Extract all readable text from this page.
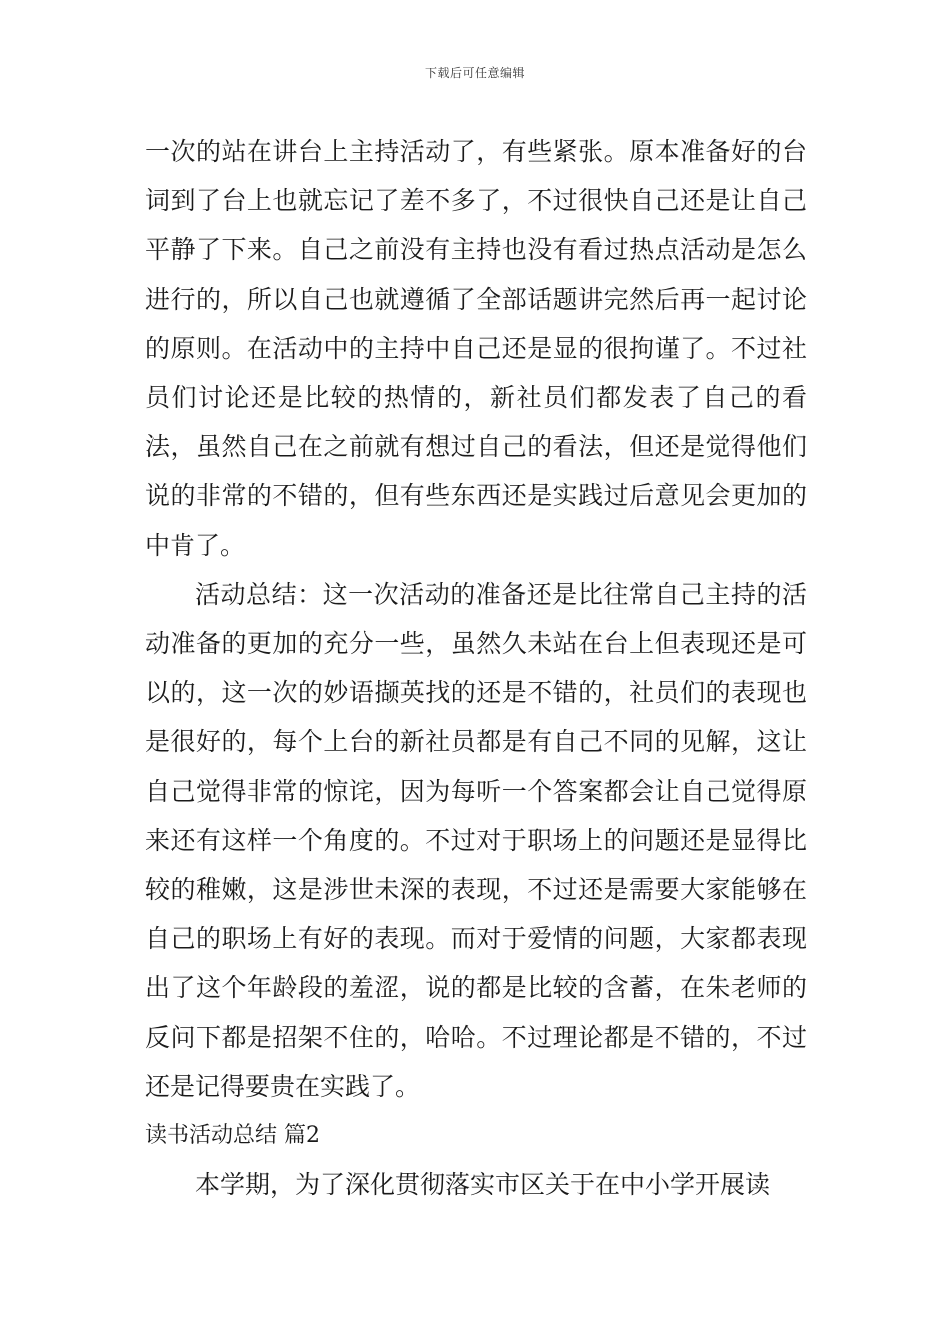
下载后可任意编辑

一次的站在讲台上主持活动了，有些紧张。原本准备好的台词到了台上也就忘记了差不多了，不过很快自己还是让自己平静了下来。自己之前没有主持也没有看过热点活动是怎么进行的，所以自己也就遵循了全部话题讲完然后再一起讨论的原则。在活动中的主持中自己还是显的很拘谨了。不过社员们讨论还是比较的热情的，新社员们都发表了自己的看法，虽然自己在之前就有想过自己的看法，但还是觉得他们说的非常的不错的，但有些东西还是实践过后意见会更加的中肯了。

活动总结：这一次活动的准备还是比往常自己主持的活动准备的更加的充分一些，虽然久未站在台上但表现还是可以的，这一次的妙语撷英找的还是不错的，社员们的表现也是很好的，每个上台的新社员都是有自己不同的见解，这让自己觉得非常的惊诧，因为每听一个答案都会让自己觉得原来还有这样一个角度的。不过对于职场上的问题还是显得比较的稚嫩，这是涉世未深的表现，不过还是需要大家能够在自己的职场上有好的表现。而对于爱情的问题，大家都表现出了这个年龄段的羞涩，说的都是比较的含蓄，在朱老师的反问下都是招架不住的，哈哈。不过理论都是不错的，不过还是记得要贵在实践了。

读书活动总结 篇2

本学期，为了深化贯彻落实市区关于在中小学开展读
